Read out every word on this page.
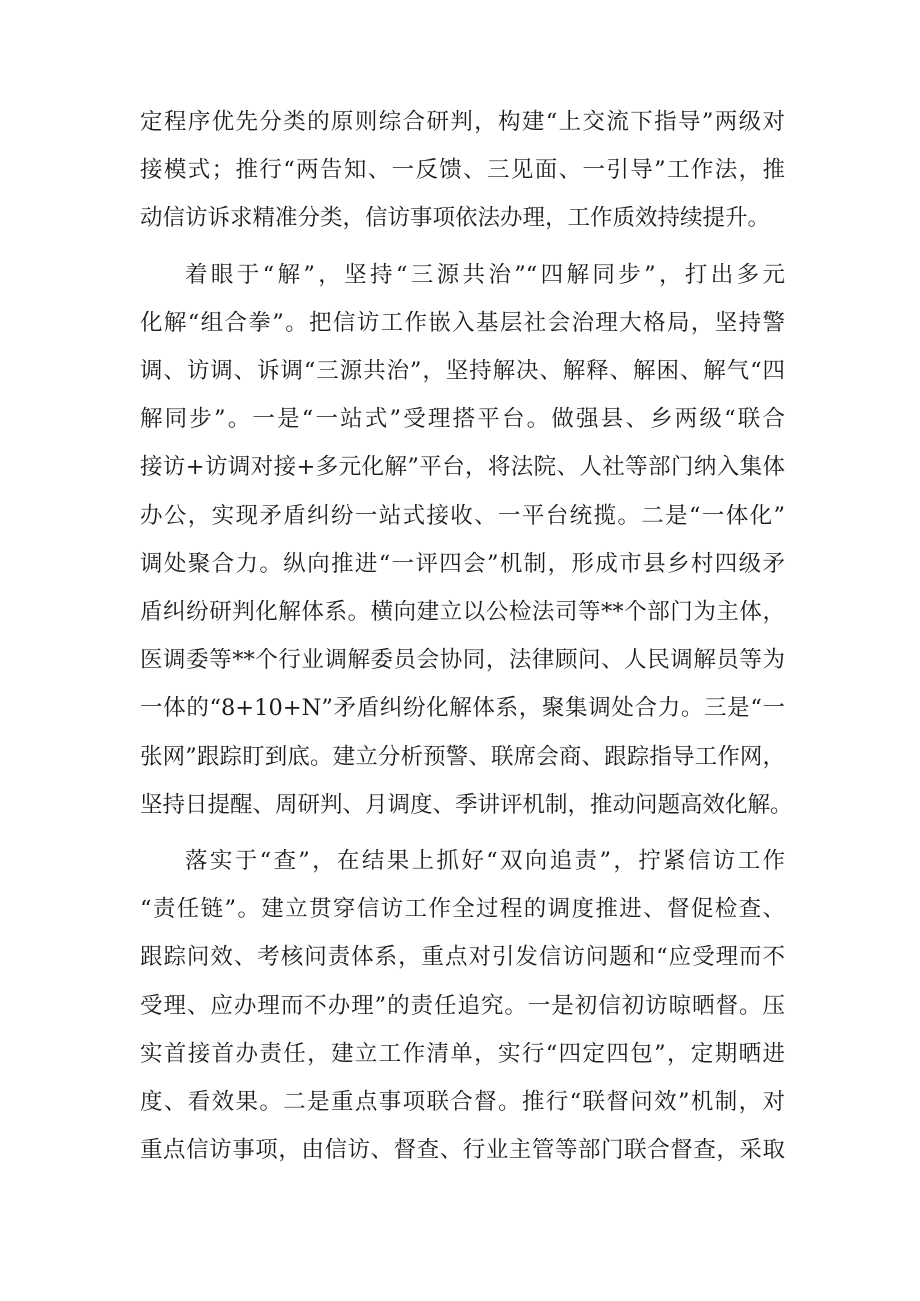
定程序优先分类的原则综合研判，构建“上交流下指导”两级对
接模式；推行“两告知、一反馈、三见面、一引导”工作法，推
动信访诉求精准分类，信访事项依法办理，工作质效持续提升。
着眼于“解”，坚持“三源共治”“四解同步”，打出多元
化解“组合拳”。把信访工作嵌入基层社会治理大格局，坚持警
调、访调、诉调“三源共治”，坚持解决、解释、解困、解气“四
解同步”。一是“一站式”受理搭平台。做强县、乡两级“联合
接访+访调对接+多元化解”平台，将法院、人社等部门纳入集体
办公，实现矛盾纠纷一站式接收、一平台统揽。二是“一体化”
调处聚合力。纵向推进“一评四会”机制，形成市县乡村四级矛
盾纠纷研判化解体系。横向建立以公检法司等**个部门为主体，
医调委等**个行业调解委员会协同，法律顾问、人民调解员等为
一体的“8+10+N”矛盾纠纷化解体系，聚集调处合力。三是“一
张网”跟踪盯到底。建立分析预警、联席会商、跟踪指导工作网，
坚持日提醒、周研判、月调度、季讲评机制，推动问题高效化解。
落实于“查”，在结果上抓好“双向追责”，拧紧信访工作
“责任链”。建立贯穿信访工作全过程的调度推进、督促检查、
跟踪问效、考核问责体系，重点对引发信访问题和“应受理而不
受理、应办理而不办理”的责任追究。一是初信初访晾晒督。压
实首接首办责任，建立工作清单，实行“四定四包”，定期晒进
度、看效果。二是重点事项联合督。推行“联督问效”机制，对
重点信访事项，由信访、督查、行业主管等部门联合督查，采取
